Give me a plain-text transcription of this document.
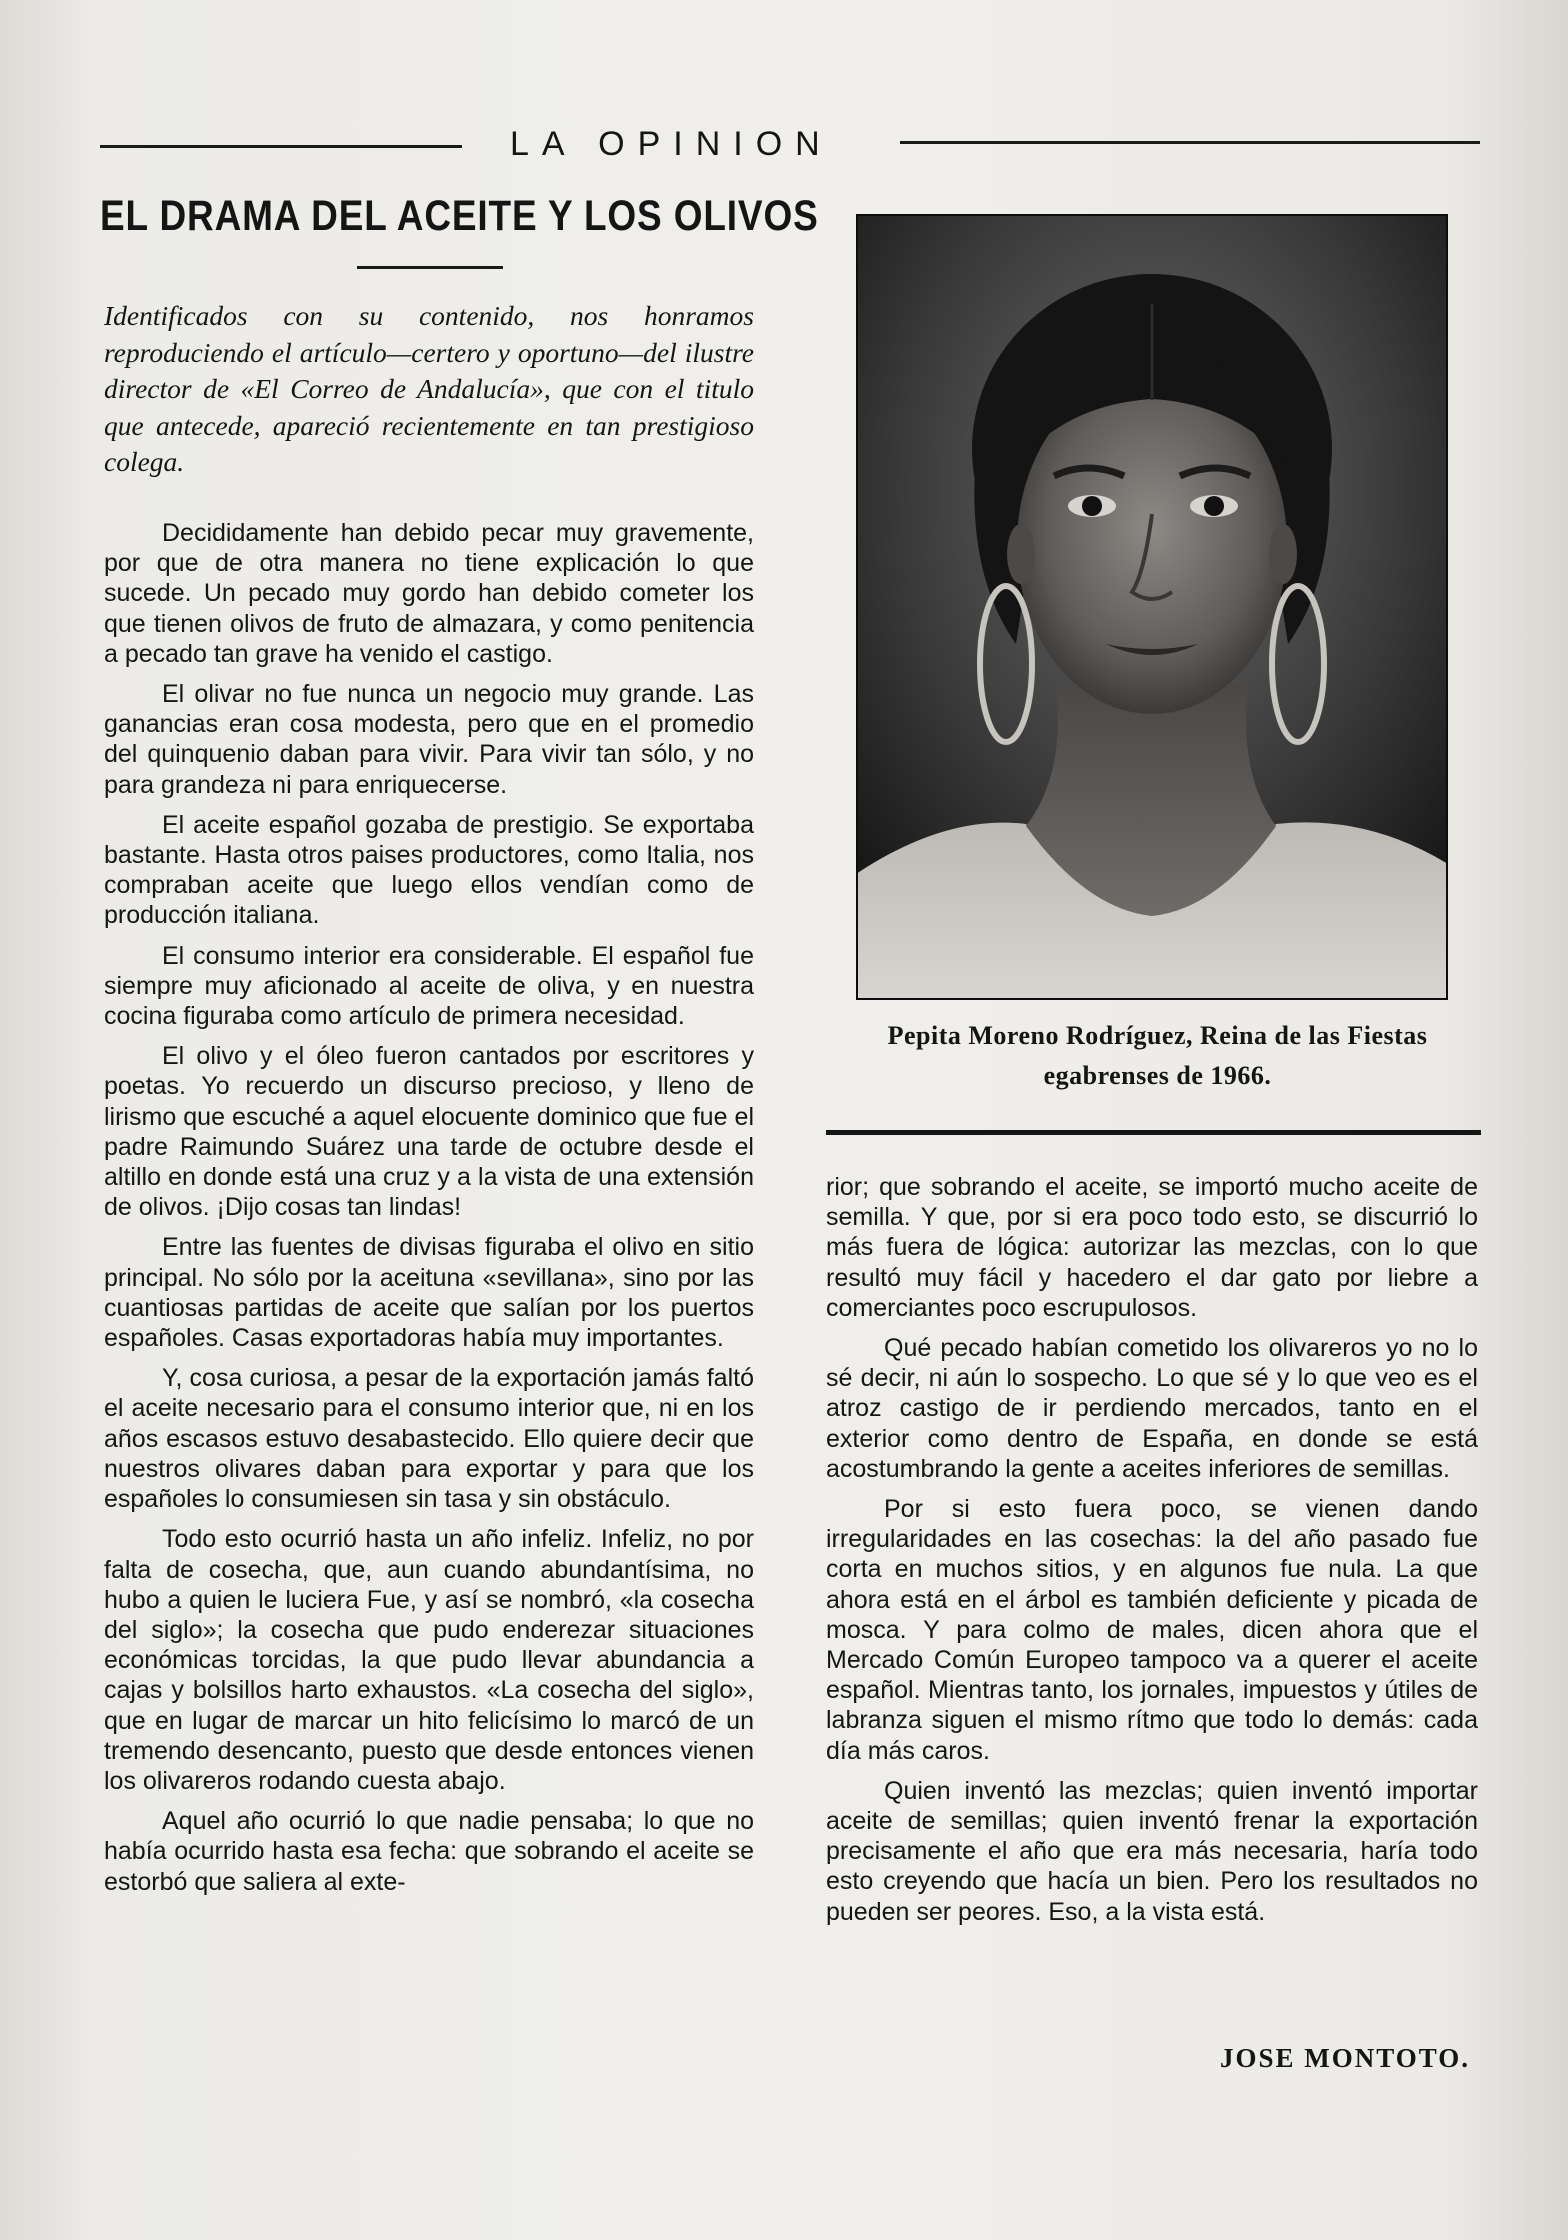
LA OPINION
EL DRAMA DEL ACEITE Y LOS OLIVOS
Identificados con su contenido, nos honramos reproduciendo el artículo—certero y oportuno—del ilustre director de «El Correo de Andalucía», que con el titulo que antecede, apareció recientemente en tan prestigioso colega.

Decididamente han debido pecar muy gravemente, por que de otra manera no tiene explicación lo que sucede. Un pecado muy gordo han debido cometer los que tienen olivos de fruto de almazara, y como penitencia a pecado tan grave ha venido el castigo.

El olivar no fue nunca un negocio muy grande. Las ganancias eran cosa modesta, pero que en el promedio del quinquenio daban para vivir. Para vivir tan sólo, y no para grandeza ni para enriquecerse.

El aceite español gozaba de prestigio. Se exportaba bastante. Hasta otros paises productores, como Italia, nos compraban aceite que luego ellos vendían como de producción italiana.

El consumo interior era considerable. El español fue siempre muy aficionado al aceite de oliva, y en nuestra cocina figuraba como artículo de primera necesidad.

El olivo y el óleo fueron cantados por escritores y poetas. Yo recuerdo un discurso precioso, y lleno de lirismo que escuché a aquel elocuente dominico que fue el padre Raimundo Suárez una tarde de octubre desde el altillo en donde está una cruz y a la vista de una extensión de olivos. ¡Dijo cosas tan lindas!

Entre las fuentes de divisas figuraba el olivo en sitio principal. No sólo por la aceituna «sevillana», sino por las cuantiosas partidas de aceite que salían por los puertos españoles. Casas exportadoras había muy importantes.

Y, cosa curiosa, a pesar de la exportación jamás faltó el aceite necesario para el consumo interior que, ni en los años escasos estuvo desabastecido. Ello quiere decir que nuestros olivares daban para exportar y para que los españoles lo consumiesen sin tasa y sin obstáculo.

Todo esto ocurrió hasta un año infeliz. Infeliz, no por falta de cosecha, que, aun cuando abundantísima, no hubo a quien le luciera Fue, y así se nombró, «la cosecha del siglo»; la cosecha que pudo enderezar situaciones económicas torcidas, la que pudo llevar abundancia a cajas y bolsillos harto exhaustos. «La cosecha del siglo», que en lugar de marcar un hito felicísimo lo marcó de un tremendo desencanto, puesto que desde entonces vienen los olivareros rodando cuesta abajo.

Aquel año ocurrió lo que nadie pensaba; lo que no había ocurrido hasta esa fecha: que sobrando el aceite se estorbó que saliera al exte-

Pepita Moreno Rodríguez, Reina de las Fiestas
egabrenses de 1966.

rior; que sobrando el aceite, se importó mucho aceite de semilla. Y que, por si era poco todo esto, se discurrió lo más fuera de lógica: autorizar las mezclas, con lo que resultó muy fácil y hacedero el dar gato por liebre a comerciantes poco escrupulosos.

Qué pecado habían cometido los olivareros yo no lo sé decir, ni aún lo sospecho. Lo que sé y lo que veo es el atroz castigo de ir perdiendo mercados, tanto en el exterior como dentro de España, en donde se está acostumbrando la gente a aceites inferiores de semillas.

Por si esto fuera poco, se vienen dando irregularidades en las cosechas: la del año pasado fue corta en muchos sitios, y en algunos fue nula. La que ahora está en el árbol es también deficiente y picada de mosca. Y para colmo de males, dicen ahora que el Mercado Común Europeo tampoco va a querer el aceite español. Mientras tanto, los jornales, impuestos y útiles de labranza siguen el mismo rítmo que todo lo demás: cada día más caros.

Quien inventó las mezclas; quien inventó importar aceite de semillas; quien inventó frenar la exportación precisamente el año que era más necesaria, haría todo esto creyendo que hacía un bien. Pero los resultados no pueden ser peores. Eso, a la vista está.

JOSE MONTOTO.
